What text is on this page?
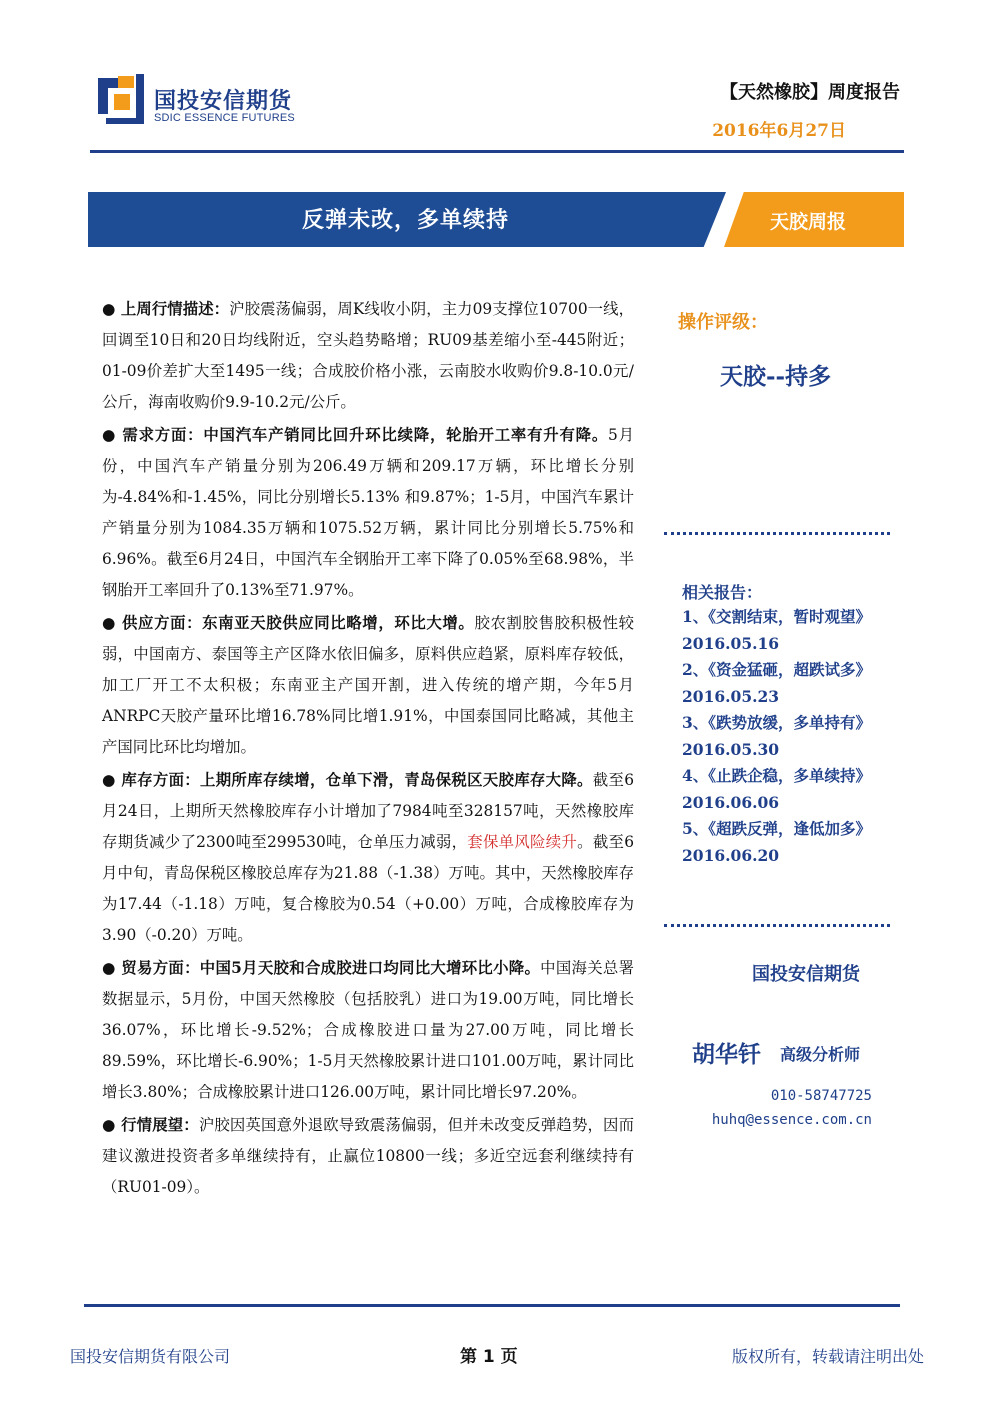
国投安信期货
SDIC ESSENCE FUTURES
【天然橡胶】周度报告
2016年6月27日
反弹未改，多单续持	天胶周报

● 上周行情描述：沪胶震荡偏弱，周K线收小阴，主力09支撑位10700一线，回调至10日和20日均线附近，空头趋势略增；RU09基差缩小至-445附近；01-09价差扩大至1495一线；合成胶价格小涨，云南胶水收购价9.8-10.0元/公斤，海南收购价9.9-10.2元/公斤。

● 需求方面：中国汽车产销同比回升环比续降，轮胎开工率有升有降。5月份，中国汽车产销量分别为206.49万辆和209.17万辆，环比增长分别为-4.84%和-1.45%，同比分别增长5.13% 和9.87%；1-5月，中国汽车累计产销量分别为1084.35万辆和1075.52万辆，累计同比分别增长5.75%和6.96%。截至6月24日，中国汽车全钢胎开工率下降了0.05%至68.98%，半钢胎开工率回升了0.13%至71.97%。

● 供应方面：东南亚天胶供应同比略增，环比大增。胶农割胶售胶积极性较弱，中国南方、泰国等主产区降水依旧偏多，原料供应趋紧，原料库存较低，加工厂开工不太积极；东南亚主产国开割，进入传统的增产期，今年5月ANRPC天胶产量环比增16.78%同比增1.91%，中国泰国同比略减，其他主产国同比环比均增加。

● 库存方面：上期所库存续增，仓单下滑，青岛保税区天胶库存大降。截至6月24日，上期所天然橡胶库存小计增加了7984吨至328157吨，天然橡胶库存期货减少了2300吨至299530吨，仓单压力减弱，套保单风险续升。截至6月中旬，青岛保税区橡胶总库存为21.88（-1.38）万吨。其中，天然橡胶库存为17.44（-1.18）万吨，复合橡胶为0.54（+0.00）万吨，合成橡胶库存为3.90（-0.20）万吨。

● 贸易方面：中国5月天胶和合成胶进口均同比大增环比小降。中国海关总署数据显示，5月份，中国天然橡胶（包括胶乳）进口为19.00万吨，同比增长36.07%，环比增长-9.52%；合成橡胶进口量为27.00万吨，同比增长89.59%，环比增长-6.90%；1-5月天然橡胶累计进口101.00万吨，累计同比增长3.80%；合成橡胶累计进口126.00万吨，累计同比增长97.20%。

● 行情展望：沪胶因英国意外退欧导致震荡偏弱，但并未改变反弹趋势，因而建议激进投资者多单继续持有，止赢位10800一线；多近空远套利继续持有（RU01-09）。

操作评级：
天胶--持多
相关报告：
1、《交割结束，暂时观望》2016.05.16
2、《资金猛砸，超跌试多》2016.05.23
3、《跌势放缓，多单持有》2016.05.30
4、《止跌企稳，多单续持》2016.06.06
5、《超跌反弹，逢低加多》2016.06.20
国投安信期货
胡华钎 高级分析师
010-58747725
huhq@essence.com.cn
国投安信期货有限公司	第 1 页	版权所有，转载请注明出处
